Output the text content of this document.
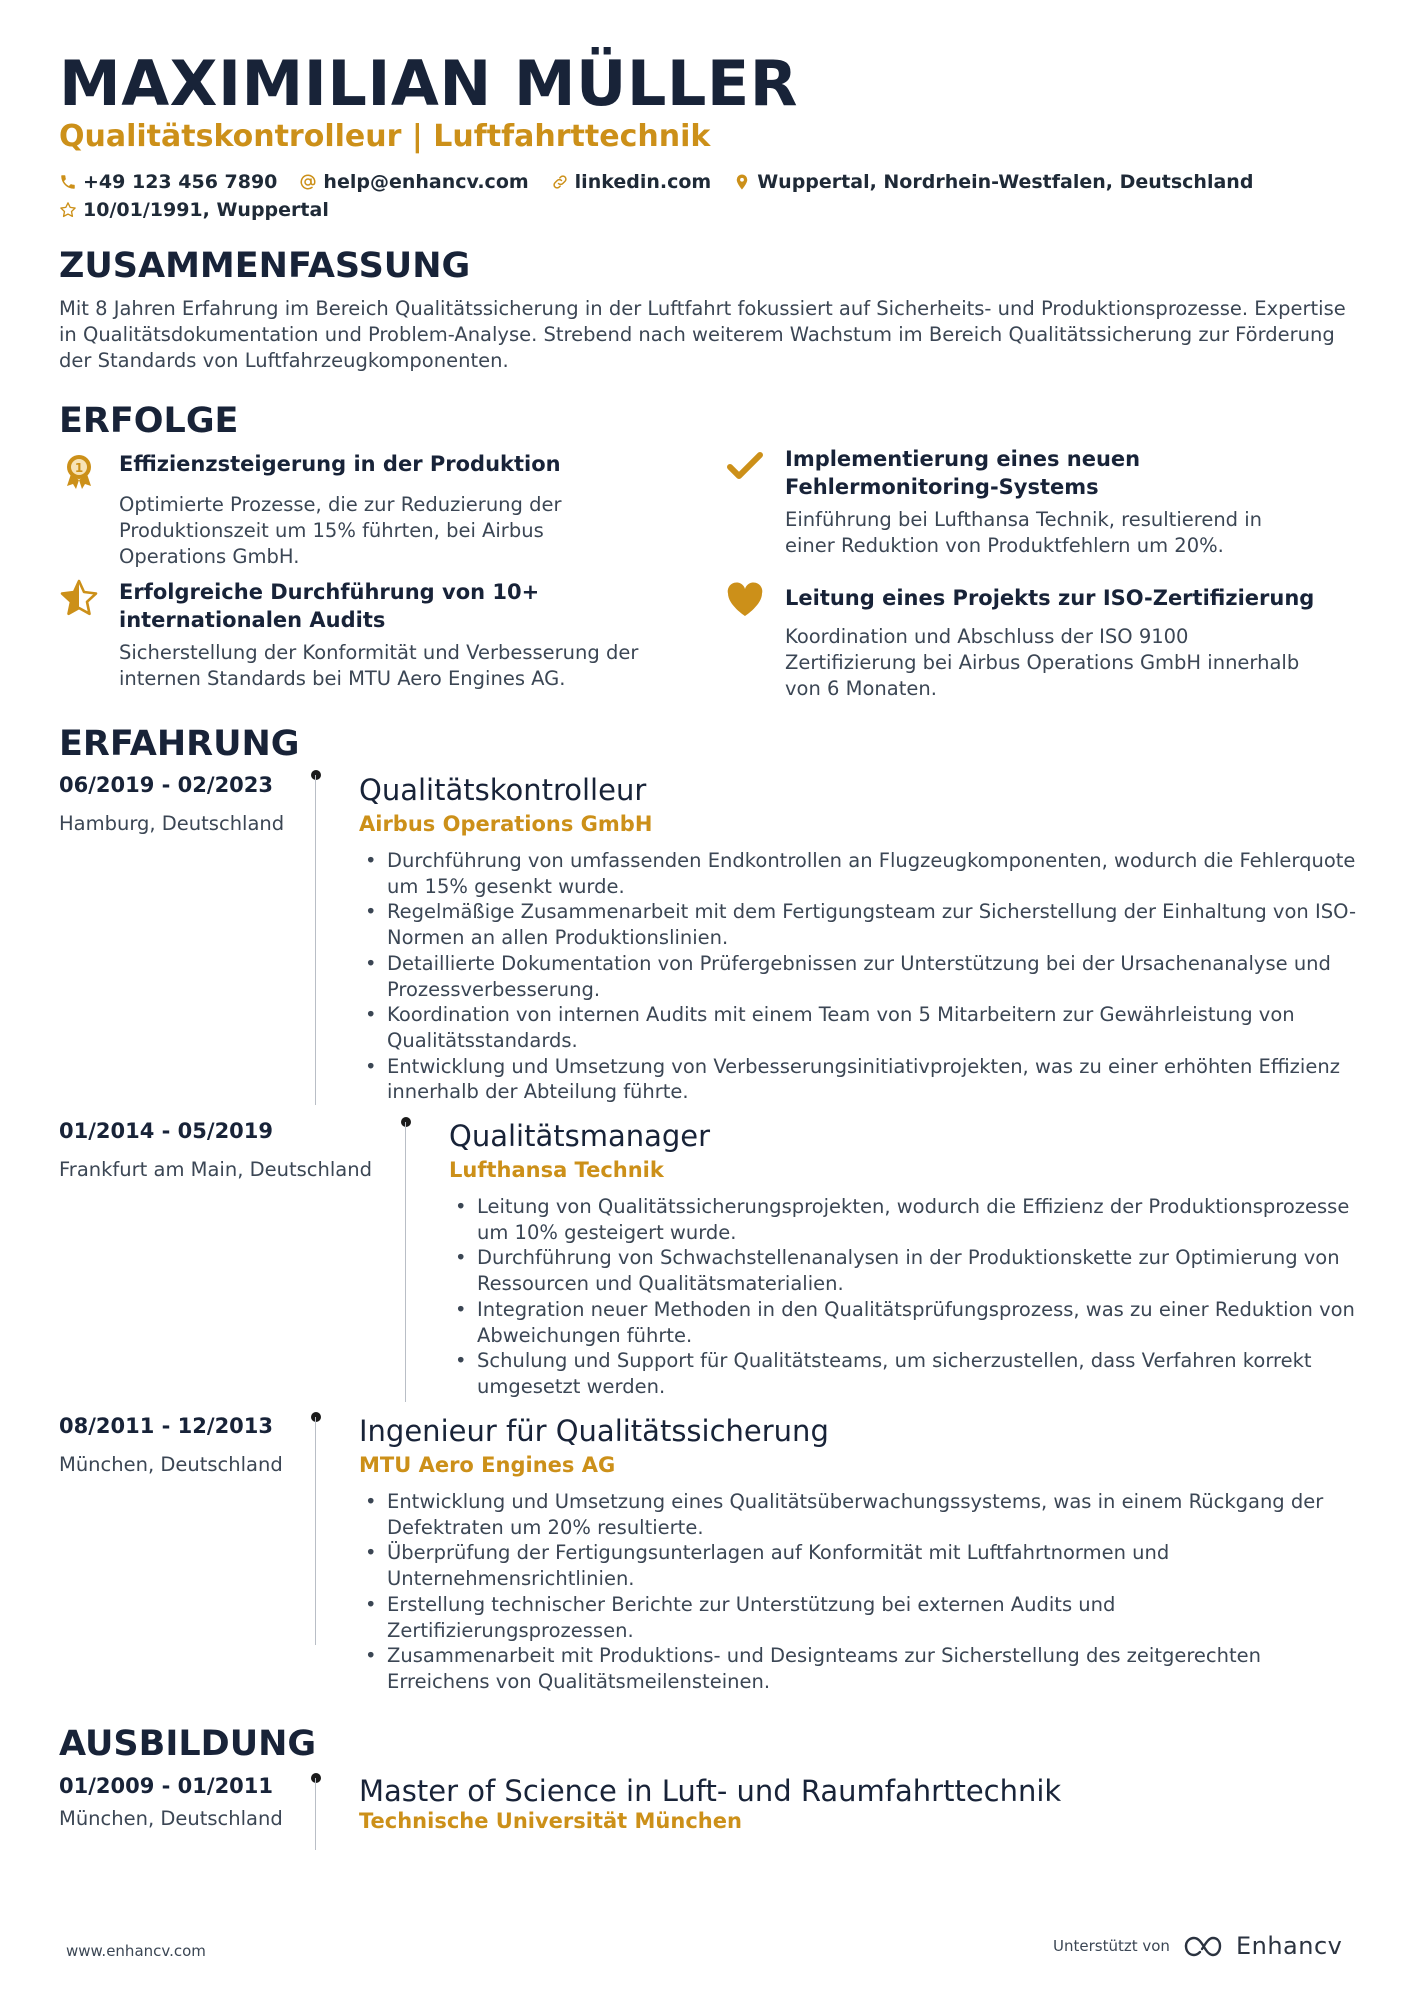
MAXIMILIAN MÜLLER
Qualitätskontrolleur | Luftfahrttechnik
+49 123 456 7890 help@enhancv.com linkedin.com Wuppertal, Nordrhein-Westfalen, Deutschland
10/01/1991, Wuppertal
ZUSAMMENFASSUNG
Mit 8 Jahren Erfahrung im Bereich Qualitätssicherung in der Luftfahrt fokussiert auf Sicherheits- und Produktionsprozesse. Expertise in Qualitätsdokumentation und Problem-Analyse. Strebend nach weiterem Wachstum im Bereich Qualitätssicherung zur Förderung der Standards von Luftfahrzeugkomponenten.
ERFOLGE
1 Effizienzsteigerung in der Produktion
Optimierte Prozesse, die zur Reduzierung der Produktionszeit um 15% führten, bei Airbus Operations GmbH.
Implementierung eines neuen Fehlermonitoring-Systems
Einführung bei Lufthansa Technik, resultierend in einer Reduktion von Produktfehlern um 20%.
Erfolgreiche Durchführung von 10+ internationalen Audits
Sicherstellung der Konformität und Verbesserung der internen Standards bei MTU Aero Engines AG.
Leitung eines Projekts zur ISO-Zertifizierung
Koordination und Abschluss der ISO 9100 Zertifizierung bei Airbus Operations GmbH innerhalb von 6 Monaten.
ERFAHRUNG
06/2019 - 02/2023
Hamburg, Deutschland
Qualitätskontrolleur
Airbus Operations GmbH
• Durchführung von umfassenden Endkontrollen an Flugzeugkomponenten, wodurch die Fehlerquote um 15% gesenkt wurde.
• Regelmäßige Zusammenarbeit mit dem Fertigungsteam zur Sicherstellung der Einhaltung von ISO-Normen an allen Produktionslinien.
• Detaillierte Dokumentation von Prüfergebnissen zur Unterstützung bei der Ursachenanalyse und Prozessverbesserung.
• Koordination von internen Audits mit einem Team von 5 Mitarbeitern zur Gewährleistung von Qualitätsstandards.
• Entwicklung und Umsetzung von Verbesserungsinitiativprojekten, was zu einer erhöhten Effizienz innerhalb der Abteilung führte.
01/2014 - 05/2019
Frankfurt am Main, Deutschland
Qualitätsmanager
Lufthansa Technik
• Leitung von Qualitätssicherungsprojekten, wodurch die Effizienz der Produktionsprozesse um 10% gesteigert wurde.
• Durchführung von Schwachstellenanalysen in der Produktionskette zur Optimierung von Ressourcen und Qualitätsmaterialien.
• Integration neuer Methoden in den Qualitätsprüfungsprozess, was zu einer Reduktion von Abweichungen führte.
• Schulung und Support für Qualitätsteams, um sicherzustellen, dass Verfahren korrekt umgesetzt werden.
08/2011 - 12/2013
München, Deutschland
Ingenieur für Qualitätssicherung
MTU Aero Engines AG
• Entwicklung und Umsetzung eines Qualitätsüberwachungssystems, was in einem Rückgang der Defektraten um 20% resultierte.
• Überprüfung der Fertigungsunterlagen auf Konformität mit Luftfahrtnormen und Unternehmensrichtlinien.
• Erstellung technischer Berichte zur Unterstützung bei externen Audits und Zertifizierungsprozessen.
• Zusammenarbeit mit Produktions- und Designteams zur Sicherstellung des zeitgerechten Erreichens von Qualitätsmeilensteinen.
AUSBILDUNG
01/2009 - 01/2011
München, Deutschland
Master of Science in Luft- und Raumfahrttechnik
Technische Universität München
www.enhancv.com	Unterstützt von	Enhancv
